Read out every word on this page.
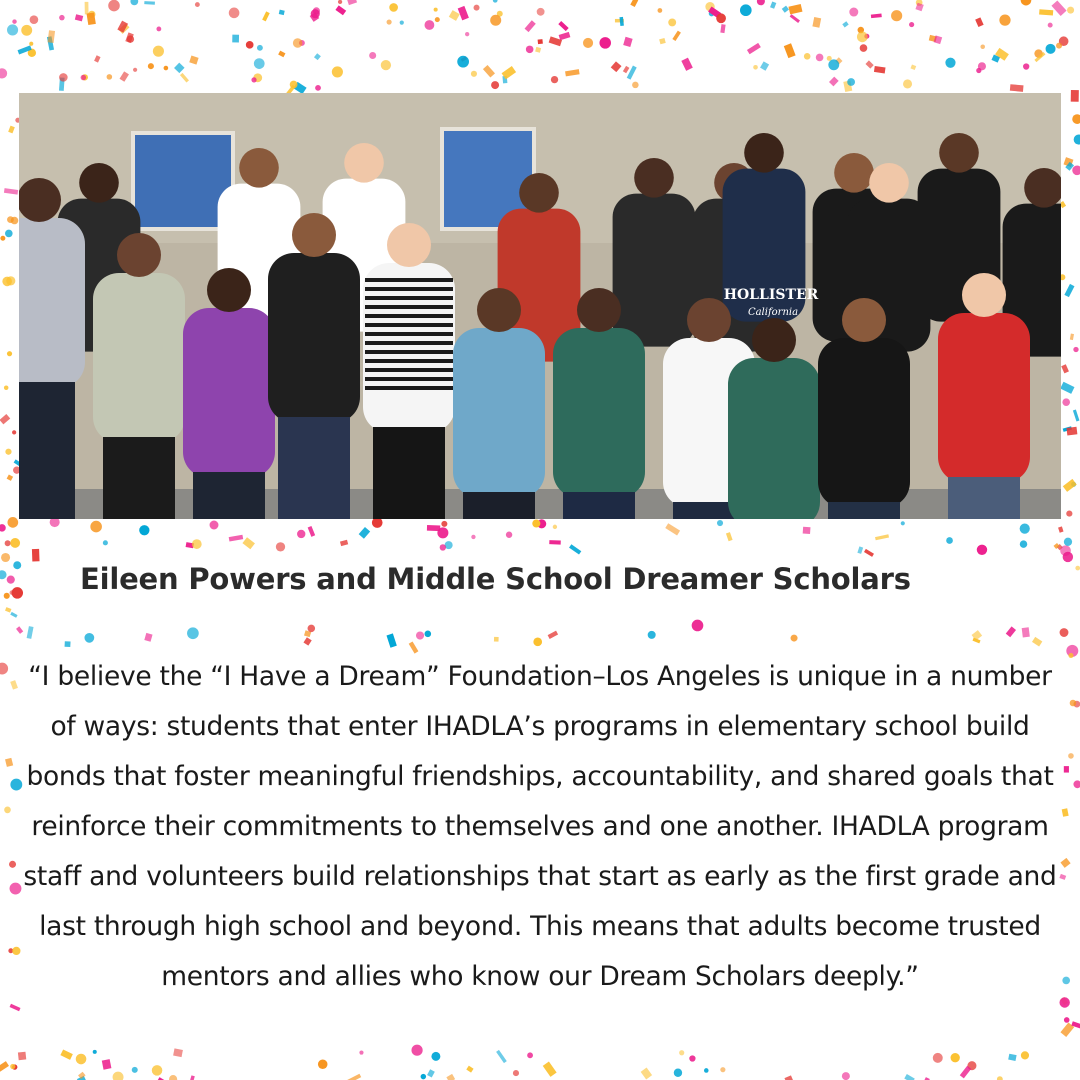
HOLLISTER
California
Eileen Powers and Middle School Dreamer Scholars

“I believe the “I Have a Dream” Foundation–Los Angeles is unique in a number of ways: students that enter IHADLA’s programs in elementary school build bonds that foster meaningful friendships, accountability, and shared goals that reinforce their commitments to themselves and one another. IHADLA program staff and volunteers build relationships that start as early as the first grade and last through high school and beyond. This means that adults become trusted mentors and allies who know our Dream Scholars deeply.”
